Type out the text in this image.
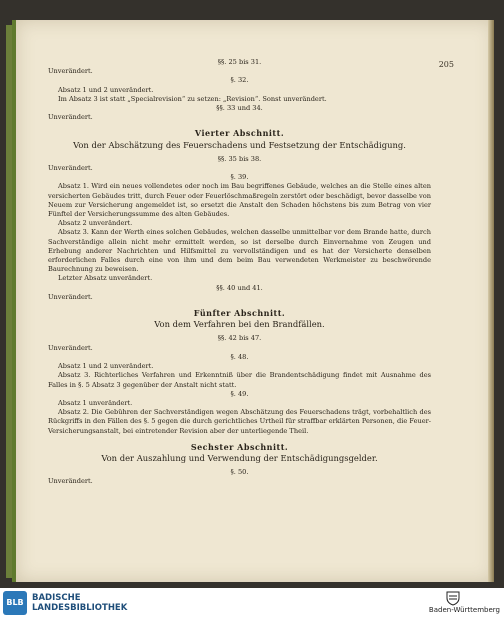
205

§§. 25 bis 31.

Unverändert.

§. 32.

Absatz 1 und 2 unverändert.

Im Absatz 3 ist statt „Specialrevision“ zu setzen: „Revision“. Sonst unverändert.

§§. 33 und 34.

Unverändert.

Vierter Abschnitt.

Von der Abschätzung des Feuerschadens und Festsetzung der Entschädigung.

§§. 35 bis 38.

Unverändert.

§. 39.

Absatz 1. Wird ein neues vollendetes oder noch im Bau begriffenes Gebäude, welches an die Stelle eines alten versicherten Gebäudes tritt, durch Feuer oder Feuerlöschmaßregeln zerstört oder beschädigt, bevor dasselbe von Neuem zur Versicherung angemeldet ist, so ersetzt die Anstalt den Schaden höchstens bis zum Betrag von vier Fünftel der Versicherungssumme des alten Gebäudes.

Absatz 2 unverändert.

Absatz 3. Kann der Werth eines solchen Gebäudes, welchen dasselbe unmittelbar vor dem Brande hatte, durch Sachverständige allein nicht mehr ermittelt werden, so ist derselbe durch Einvernahme von Zeugen und Erhebung anderer Nachrichten und Hilfsmittel zu vervollständigen und es hat der Versicherte denselben erforderlichen Falles durch eine von ihm und dem beim Bau verwendeten Werkmeister zu beschwörende Baurechnung zu beweisen.

Letzter Absatz unverändert.

§§. 40 und 41.

Unverändert.

Fünfter Abschnitt.

Von dem Verfahren bei den Brandfällen.

§§. 42 bis 47.

Unverändert.

§. 48.

Absatz 1 und 2 unverändert.

Absatz 3. Richterliches Verfahren und Erkenntniß über die Brandentschädigung findet mit Ausnahme des Falles in §. 5 Absatz 3 gegenüber der Anstalt nicht statt.

§. 49.

Absatz 1 unverändert.

Absatz 2. Die Gebühren der Sachverständigen wegen Abschätzung des Feuerschadens trägt, vorbehaltlich des Rückgriffs in den Fällen des §. 5 gegen die durch gerichtliches Urtheil für straffbar erklärten Personen, die Feuer-Versicherungsanstalt, bei eintretender Revision aber der unterliegende Theil.

Sechster Abschnitt.

Von der Auszahlung und Verwendung der Entschädigungsgelder.

§. 50.

Unverändert.

BLB BADISCHE
LANDESBIBLIOTHEK	Baden-Württemberg
